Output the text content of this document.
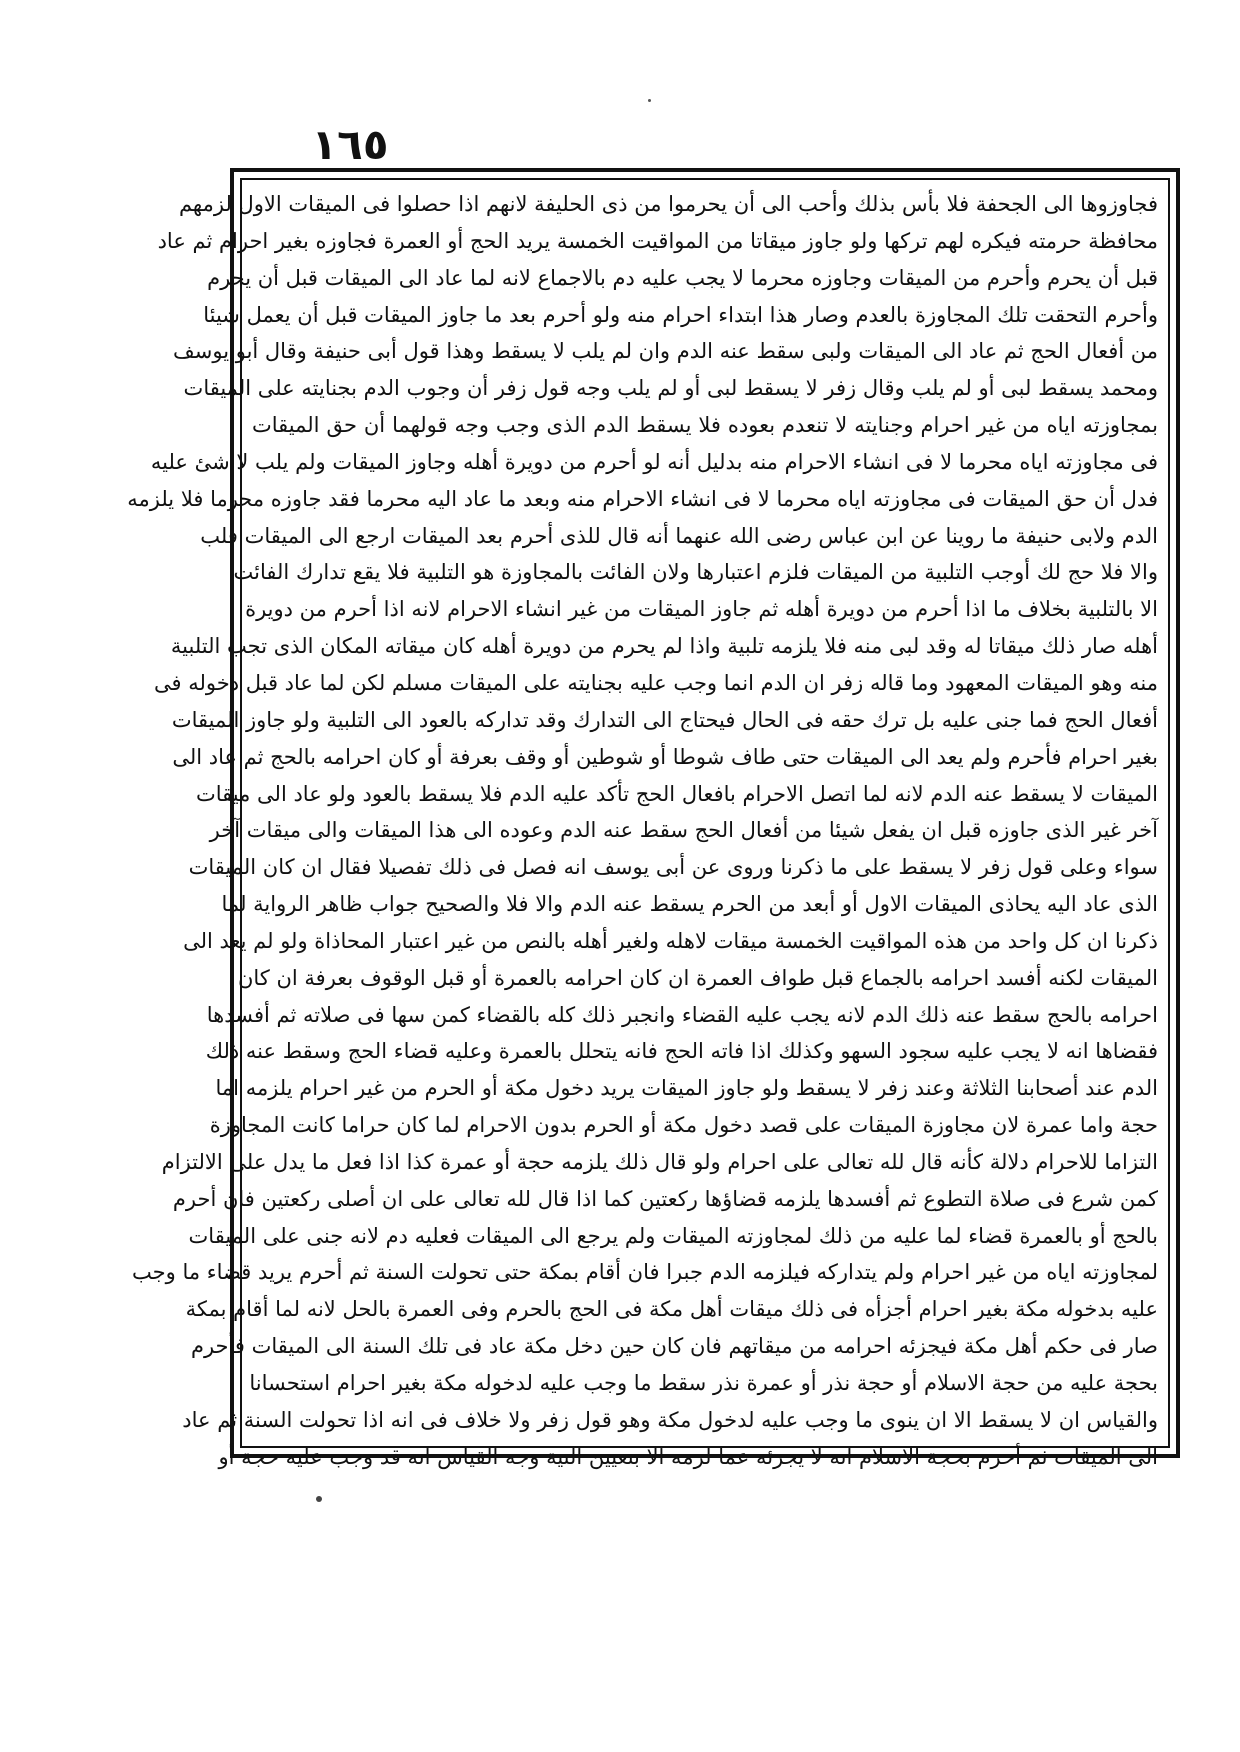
١٦٥
فجاوزوها الى الجحفة فلا بأس بذلك وأحب الى أن يحرموا من ذى الحليفة لانهم اذا حصلوا فى الميقات الاول لزمهم
محافظة حرمته فيكره لهم تركها ولو جاوز ميقاتا من المواقيت الخمسة يريد الحج أو العمرة فجاوزه بغير احرام ثم عاد
قبل أن يحرم وأحرم من الميقات وجاوزه محرما لا يجب عليه دم بالاجماع لانه لما عاد الى الميقات قبل أن يحرم
وأحرم التحقت تلك المجاوزة بالعدم وصار هذا ابتداء احرام منه ولو أحرم بعد ما جاوز الميقات قبل أن يعمل شيئا
من أفعال الحج ثم عاد الى الميقات ولبى سقط عنه الدم وان لم يلب لا يسقط وهذا قول أبى حنيفة وقال أبو يوسف
ومحمد يسقط لبى أو لم يلب وقال زفر لا يسقط لبى أو لم يلب وجه قول زفر أن وجوب الدم بجنايته على الميقات
بمجاوزته اياه من غير احرام وجنايته لا تنعدم بعوده فلا يسقط الدم الذى وجب وجه قولهما أن حق الميقات
فى مجاوزته اياه محرما لا فى انشاء الاحرام منه بدليل أنه لو أحرم من دويرة أهله وجاوز الميقات ولم يلب لا شئ عليه
فدل أن حق الميقات فى مجاوزته اياه محرما لا فى انشاء الاحرام منه وبعد ما عاد اليه محرما فقد جاوزه محرما فلا يلزمه
الدم ولابى حنيفة ما روينا عن ابن عباس رضى الله عنهما أنه قال للذى أحرم بعد الميقات ارجع الى الميقات فلب
والا فلا حج لك أوجب التلبية من الميقات فلزم اعتبارها ولان الفائت بالمجاوزة هو التلبية فلا يقع تدارك الفائت
الا بالتلبية بخلاف ما اذا أحرم من دويرة أهله ثم جاوز الميقات من غير انشاء الاحرام لانه اذا أحرم من دويرة
أهله صار ذلك ميقاتا له وقد لبى منه فلا يلزمه تلبية واذا لم يحرم من دويرة أهله كان ميقاته المكان الذى تجب التلبية
منه وهو الميقات المعهود وما قاله زفر ان الدم انما وجب عليه بجنايته على الميقات مسلم لكن لما عاد قبل دخوله فى
أفعال الحج فما جنى عليه بل ترك حقه فى الحال فيحتاج الى التدارك وقد تداركه بالعود الى التلبية ولو جاوز الميقات
بغير احرام فأحرم ولم يعد الى الميقات حتى طاف شوطا أو شوطين أو وقف بعرفة أو كان احرامه بالحج ثم عاد الى
الميقات لا يسقط عنه الدم لانه لما اتصل الاحرام بافعال الحج تأكد عليه الدم فلا يسقط بالعود ولو عاد الى ميقات
آخر غير الذى جاوزه قبل ان يفعل شيئا من أفعال الحج سقط عنه الدم وعوده الى هذا الميقات والى ميقات آخر
سواء وعلى قول زفر لا يسقط على ما ذكرنا وروى عن أبى يوسف انه فصل فى ذلك تفصيلا فقال ان كان الميقات
الذى عاد اليه يحاذى الميقات الاول أو أبعد من الحرم يسقط عنه الدم والا فلا والصحيح جواب ظاهر الرواية لما
ذكرنا ان كل واحد من هذه المواقيت الخمسة ميقات لاهله ولغير أهله بالنص من غير اعتبار المحاذاة ولو لم يعد الى
الميقات لكنه أفسد احرامه بالجماع قبل طواف العمرة ان كان احرامه بالعمرة أو قبل الوقوف بعرفة ان كان
احرامه بالحج سقط عنه ذلك الدم لانه يجب عليه القضاء وانجبر ذلك كله بالقضاء كمن سها فى صلاته ثم أفسدها
فقضاها انه لا يجب عليه سجود السهو وكذلك اذا فاته الحج فانه يتحلل بالعمرة وعليه قضاء الحج وسقط عنه ذلك
الدم عند أصحابنا الثلاثة وعند زفر لا يسقط ولو جاوز الميقات يريد دخول مكة أو الحرم من غير احرام يلزمه اما
حجة واما عمرة لان مجاوزة الميقات على قصد دخول مكة أو الحرم بدون الاحرام لما كان حراما كانت المجاوزة
التزاما للاحرام دلالة كأنه قال لله تعالى على احرام ولو قال ذلك يلزمه حجة أو عمرة كذا اذا فعل ما يدل على الالتزام
كمن شرع فى صلاة التطوع ثم أفسدها يلزمه قضاؤها ركعتين كما اذا قال لله تعالى على ان أصلى ركعتين فان أحرم
بالحج أو بالعمرة قضاء لما عليه من ذلك لمجاوزته الميقات ولم يرجع الى الميقات فعليه دم لانه جنى على الميقات
لمجاوزته اياه من غير احرام ولم يتداركه فيلزمه الدم جبرا فان أقام بمكة حتى تحولت السنة ثم أحرم يريد قضاء ما وجب
عليه بدخوله مكة بغير احرام أجزأه فى ذلك ميقات أهل مكة فى الحج بالحرم وفى العمرة بالحل لانه لما أقام بمكة
صار فى حكم أهل مكة فيجزئه احرامه من ميقاتهم فان كان حين دخل مكة عاد فى تلك السنة الى الميقات فأحرم
بحجة عليه من حجة الاسلام أو حجة نذر أو عمرة نذر سقط ما وجب عليه لدخوله مكة بغير احرام استحسانا
والقياس ان لا يسقط الا ان ينوى ما وجب عليه لدخول مكة وهو قول زفر ولا خلاف فى انه اذا تحولت السنة ثم عاد
الى الميقات ثم أحرم بحجة الاسلام انه لا يجزئه عما لزمه الا بتعيين النية وجه القياس انه قد وجب عليه حجة أو
